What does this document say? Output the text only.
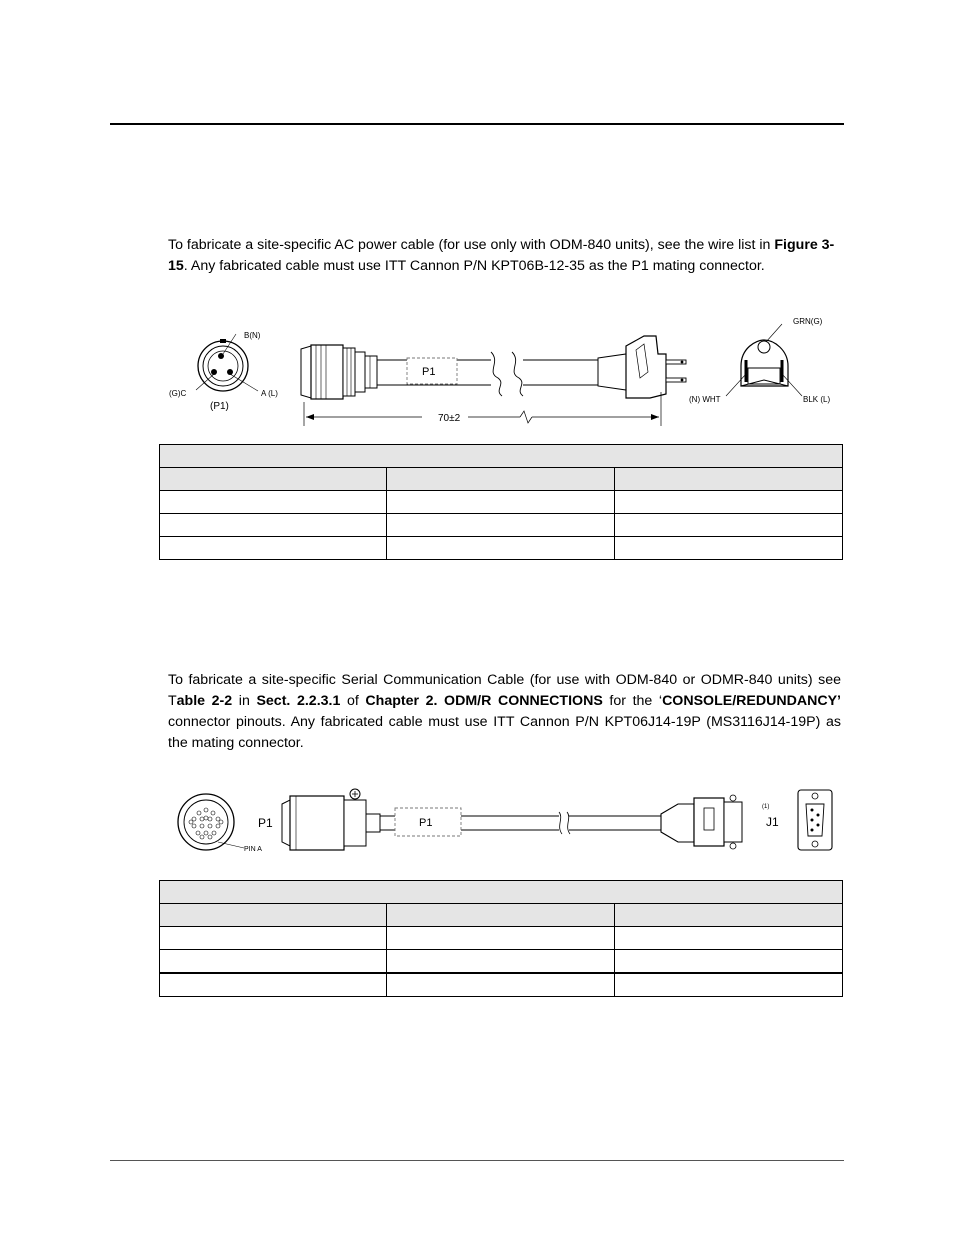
To fabricate a site-specific AC power cable (for use only with ODM-840 units), see the wire list in Figure 3-15. Any fabricated cable must use ITT Cannon P/N KPT06B-12-35 as the P1 mating connector.

B(N)
(G)C	A (L)
(P1)
P1
70±2
GRN(G)
(N) WHT	BLK (L)

To fabricate a site-specific Serial Communication Cable (for use with ODM-840 or ODMR-840 units) see Table 2-2 in Sect. 2.2.3.1 of Chapter 2. ODM/R CONNECTIONS for the ‘CONSOLE/REDUNDANCY’ connector pinouts. Any fabricated cable must use ITT Cannon P/N KPT06J14-19P (MS3116J14-19P) as the mating connector.

PIN A
P1	P1
(1)
J1
